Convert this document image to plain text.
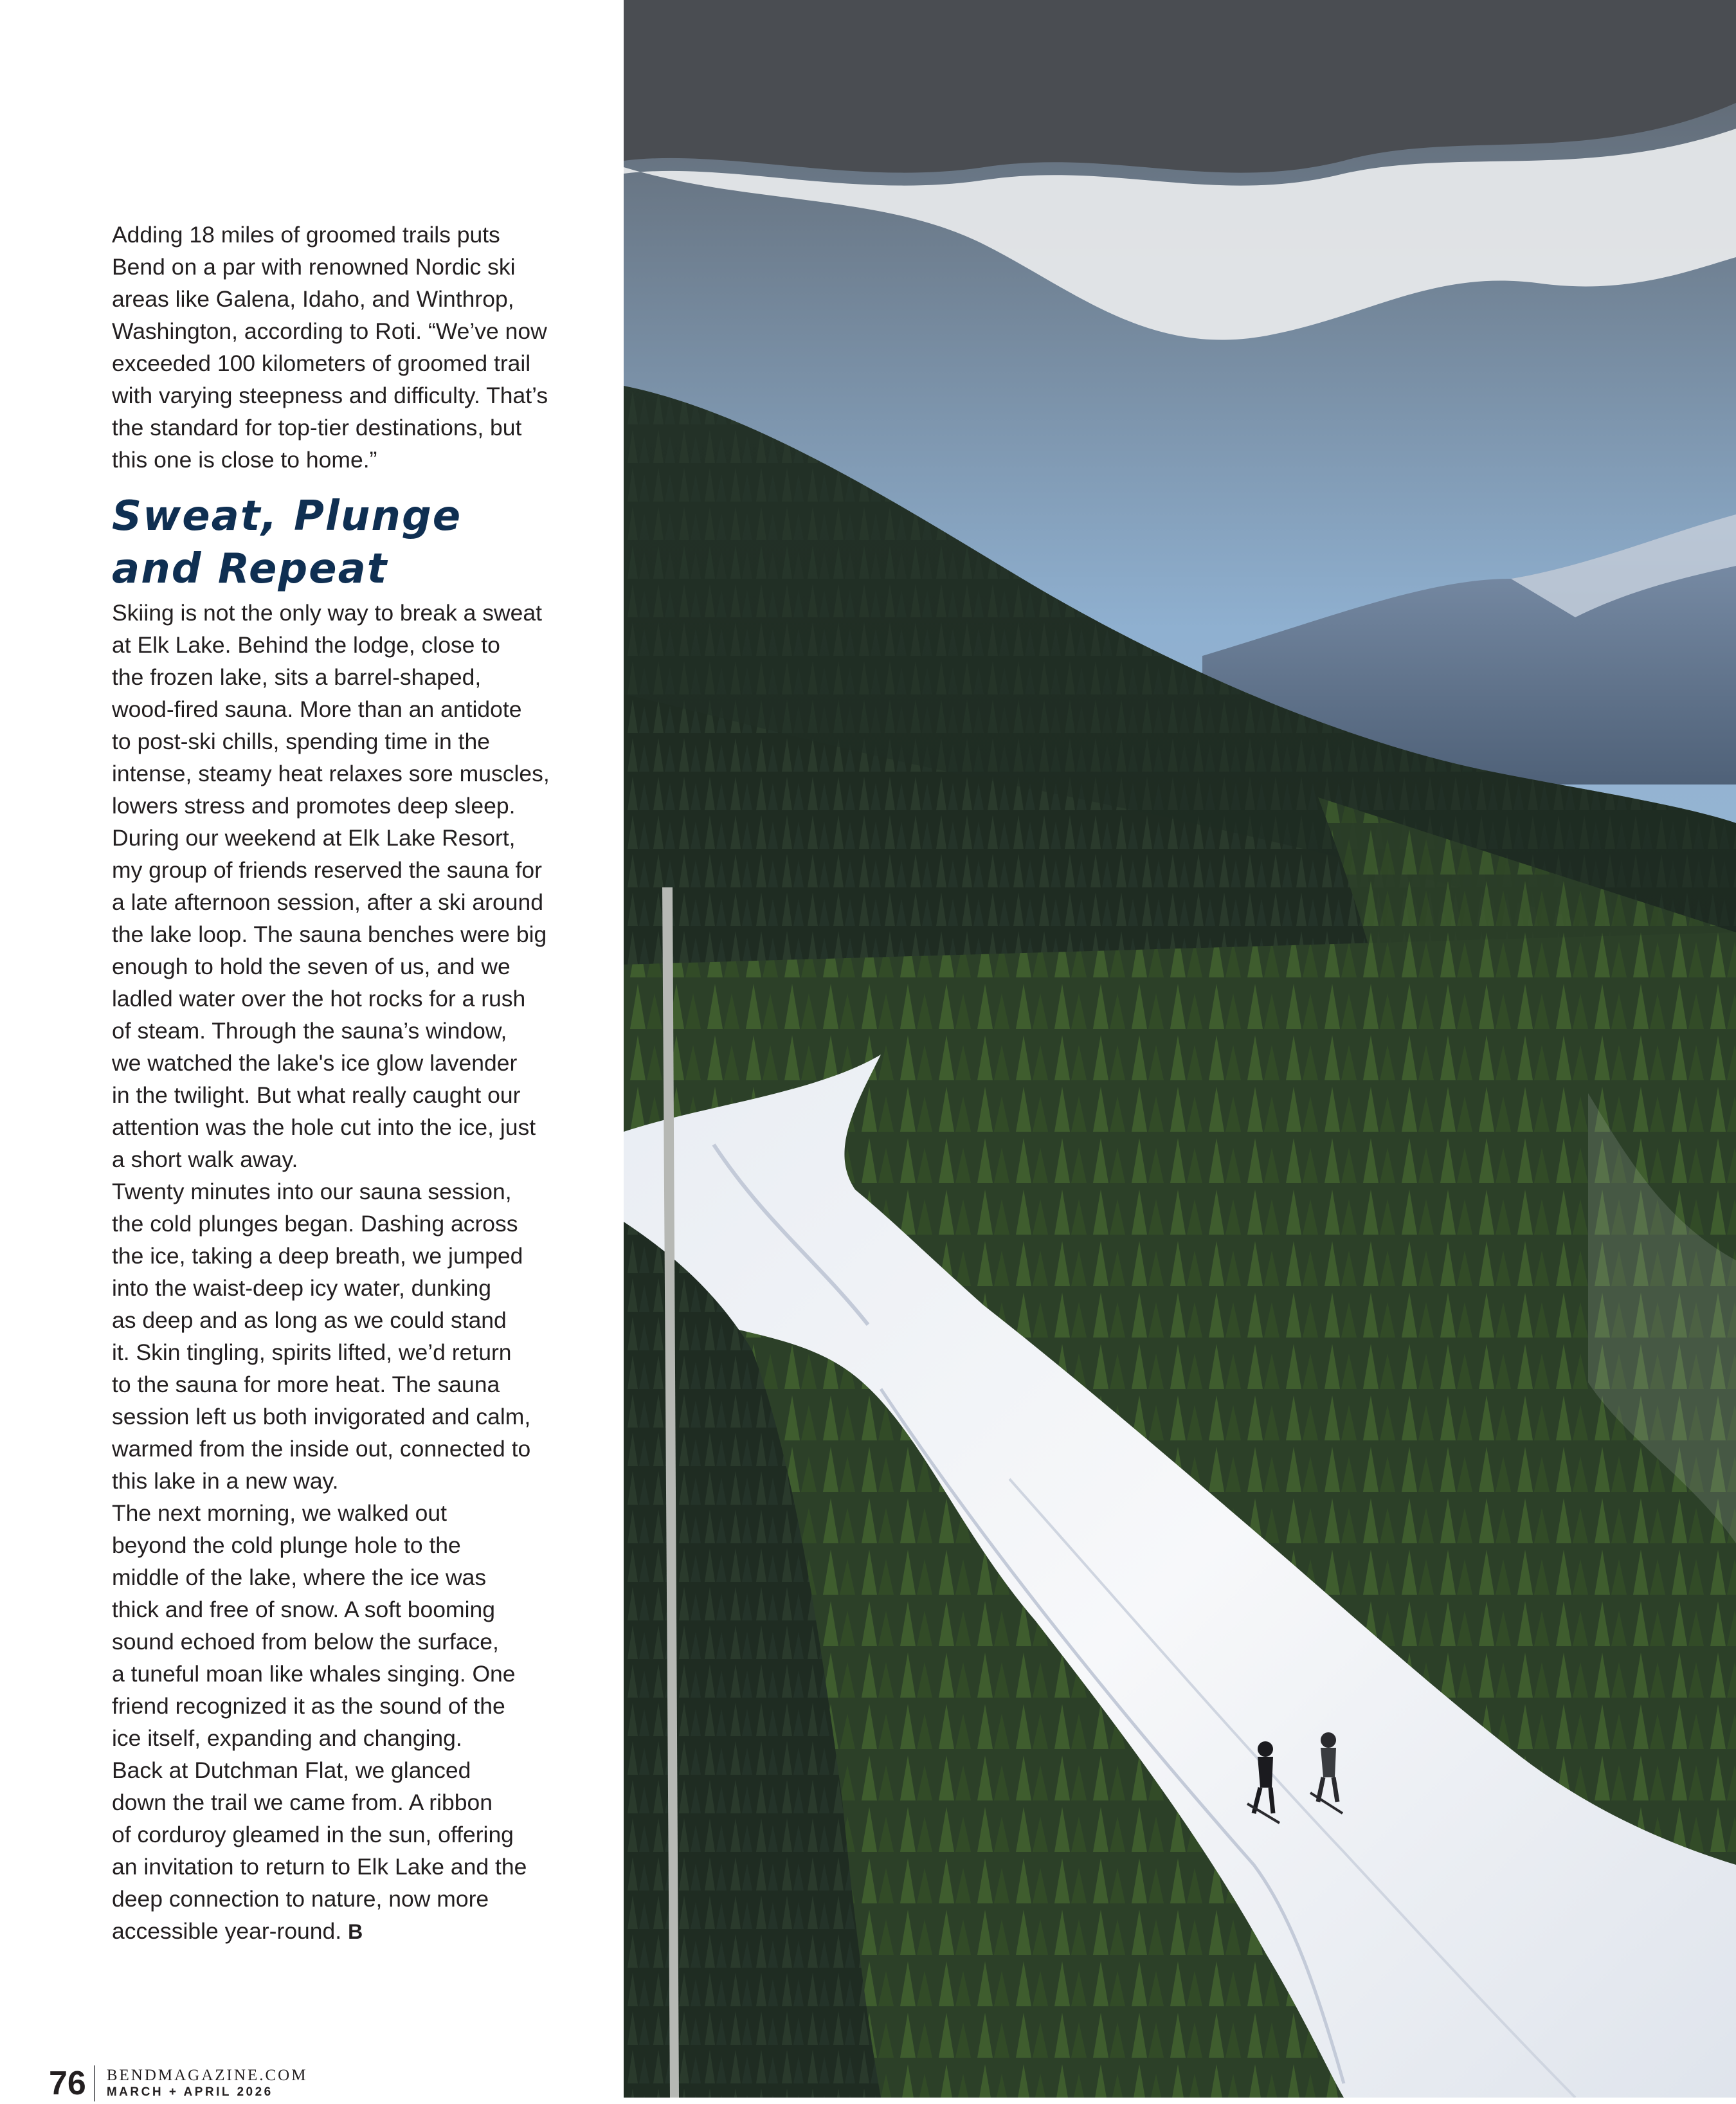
Adding 18 miles of groomed trails puts
Bend on a par with renowned Nordic ski
areas like Galena, Idaho, and Winthrop,
Washington, according to Roti. “We’ve now
exceeded 100 kilometers of groomed trail
with varying steepness and difficulty. That’s
the standard for top-tier destinations, but
this one is close to home.”

Sweat, Plunge
and Repeat

Skiing is not the only way to break a sweat
at Elk Lake. Behind the lodge, close to
the frozen lake, sits a barrel-shaped,
wood-fired sauna. More than an antidote
to post-ski chills, spending time in the
intense, steamy heat relaxes sore muscles,
lowers stress and promotes deep sleep.

During our weekend at Elk Lake Resort,
my group of friends reserved the sauna for
a late afternoon session, after a ski around
the lake loop. The sauna benches were big
enough to hold the seven of us, and we
ladled water over the hot rocks for a rush
of steam. Through the sauna’s window,
we watched the lake's ice glow lavender
in the twilight. But what really caught our
attention was the hole cut into the ice, just
a short walk away.

Twenty minutes into our sauna session,
the cold plunges began. Dashing across
the ice, taking a deep breath, we jumped
into the waist-deep icy water, dunking
as deep and as long as we could stand
it. Skin tingling, spirits lifted, we’d return
to the sauna for more heat. The sauna
session left us both invigorated and calm,
warmed from the inside out, connected to
this lake in a new way.

The next morning, we walked out
beyond the cold plunge hole to the
middle of the lake, where the ice was
thick and free of snow. A soft booming
sound echoed from below the surface,
a tuneful moan like whales singing. One
friend recognized it as the sound of the
ice itself, expanding and changing.

Back at Dutchman Flat, we glanced
down the trail we came from. A ribbon
of corduroy gleamed in the sun, offering
an invitation to return to Elk Lake and the
deep connection to nature, now more
accessible year-round. B

76 BENDMAGAZINE.COM
MARCH + APRIL 2026
